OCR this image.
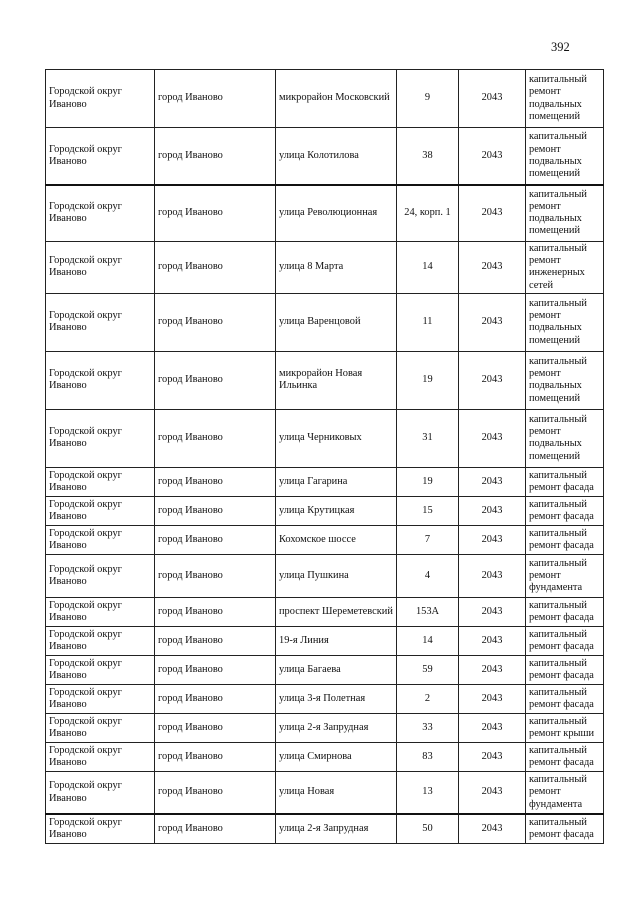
392
Городской округ Иваново	город Иваново	микрорайон Московский	9	2043	капитальный ремонт подвальных помещений
Городской округ Иваново	город Иваново	улица Колотилова	38	2043	капитальный ремонт подвальных помещений
Городской округ Иваново	город Иваново	улица Революционная	24, корп. 1	2043	капитальный ремонт подвальных помещений
Городской округ Иваново	город Иваново	улица 8 Марта	14	2043	капитальный ремонт инженерных сетей
Городской округ Иваново	город Иваново	улица Варенцовой	11	2043	капитальный ремонт подвальных помещений
Городской округ Иваново	город Иваново	микрорайон Новая Ильинка	19	2043	капитальный ремонт подвальных помещений
Городской округ Иваново	город Иваново	улица Черниковых	31	2043	капитальный ремонт подвальных помещений
Городской округ Иваново	город Иваново	улица Гагарина	19	2043	капитальный ремонт фасада
Городской округ Иваново	город Иваново	улица Крутицкая	15	2043	капитальный ремонт фасада
Городской округ Иваново	город Иваново	Кохомское шоссе	7	2043	капитальный ремонт фасада
Городской округ Иваново	город Иваново	улица Пушкина	4	2043	капитальный ремонт фундамента
Городской округ Иваново	город Иваново	проспект Шереметевский	153А	2043	капитальный ремонт фасада
Городской округ Иваново	город Иваново	19-я Линия	14	2043	капитальный ремонт фасада
Городской округ Иваново	город Иваново	улица Багаева	59	2043	капитальный ремонт фасада
Городской округ Иваново	город Иваново	улица 3-я Полетная	2	2043	капитальный ремонт фасада
Городской округ Иваново	город Иваново	улица 2-я Запрудная	33	2043	капитальный ремонт крыши
Городской округ Иваново	город Иваново	улица Смирнова	83	2043	капитальный ремонт фасада
Городской округ Иваново	город Иваново	улица Новая	13	2043	капитальный ремонт фундамента
Городской округ Иваново	город Иваново	улица 2-я Запрудная	50	2043	капитальный ремонт фасада
